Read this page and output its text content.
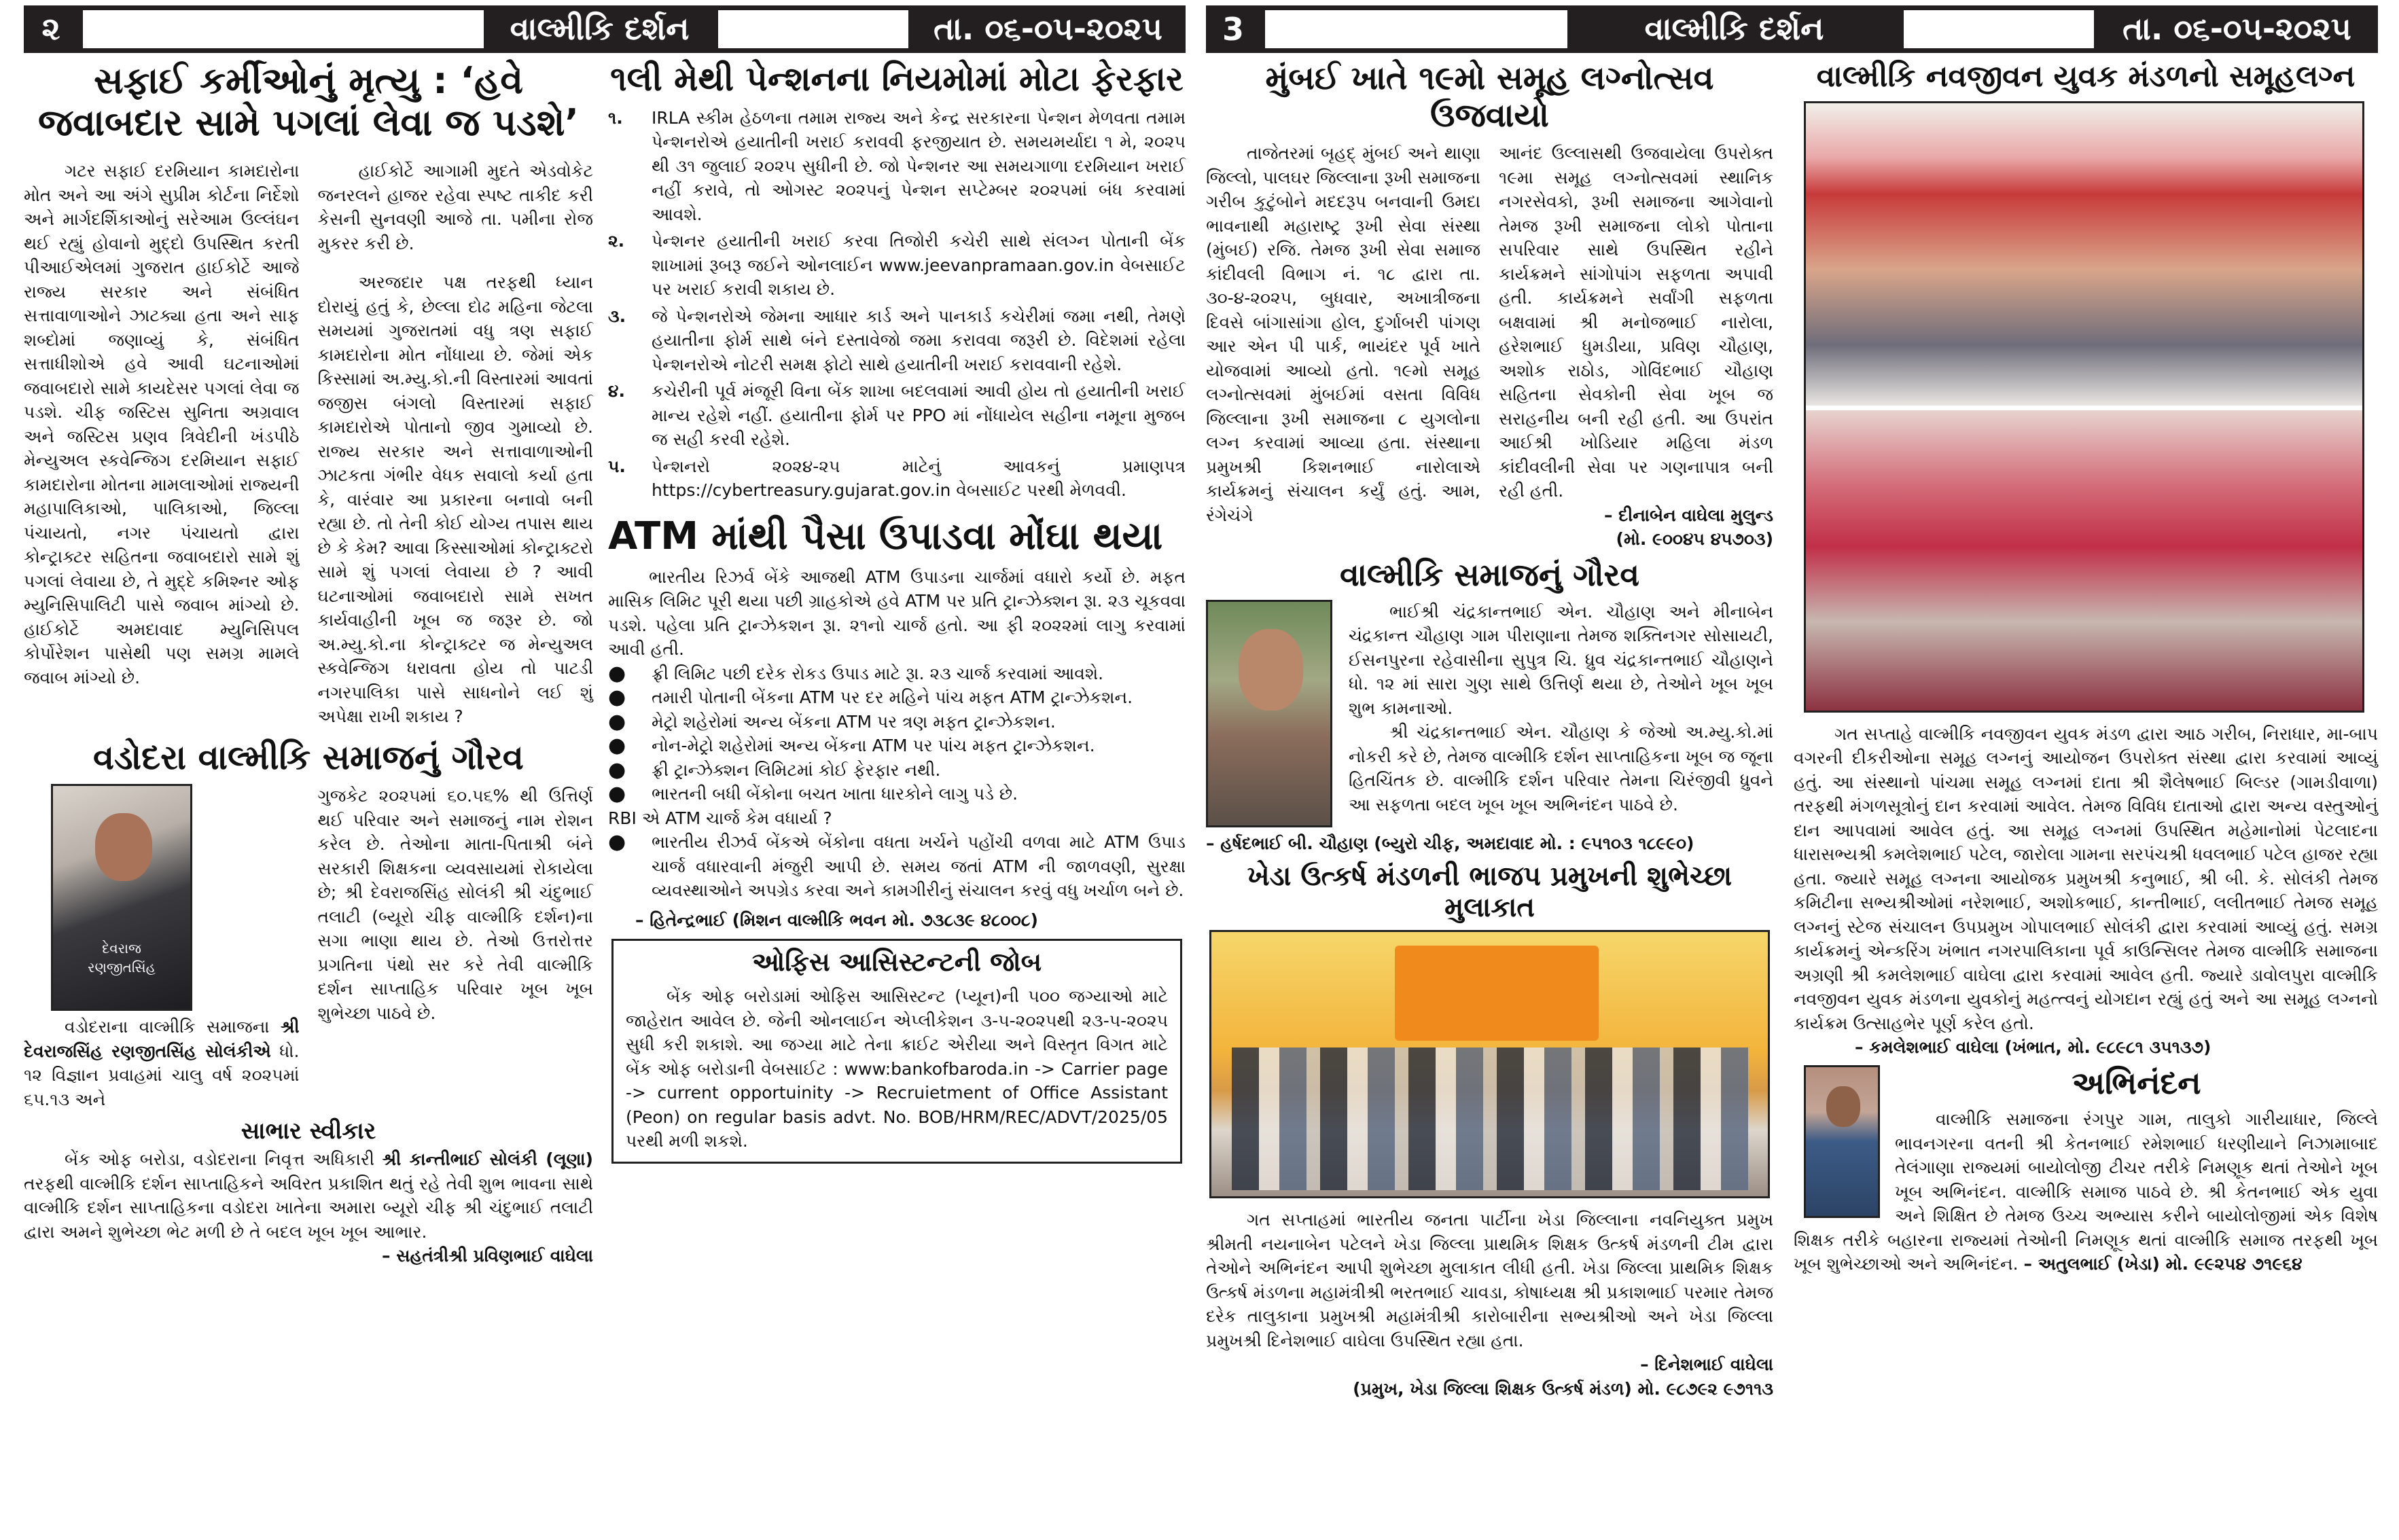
૨	વાલ્મીકિ દર્શન	તા. ૦૬-૦૫-૨૦૨૫
સફાઈ કર્મીઓનું મૃત્યુ : ‘હવે
જવાબદાર સામે પગલાં લેવા જ પડશે’

ગટર સફાઈ દરમિયાન કામદારોના મોત અને આ અંગે સુપ્રીમ કોર્ટના નિર્દેશો અને માર્ગદર્શિકાઓનું સરેઆમ ઉલ્લંઘન થઈ રહ્યું હોવાનો મુદ્દો ઉપસ્થિત કરતી પીઆઈએલમાં ગુજરાત હાઈકોર્ટે આજે રાજ્ય સરકાર અને સંબંધિત સત્તાવાળાઓને ઝાટક્યા હતા અને સાફ શબ્દોમાં જણાવ્યું કે, સંબંધિત સત્તાધીશોએ હવે આવી ઘટનાઓમાં જવાબદારો સામે કાયદેસર પગલાં લેવા જ પડશે. ચીફ જસ્ટિસ સુનિતા અગ્રવાલ અને જસ્ટિસ પ્રણવ ત્રિવેદીની ખંડપીઠે મેન્યુઅલ સ્કવેન્જિગ દરમિયાન સફાઈ કામદારોના મોતના મામલાઓમાં રાજ્યની મહાપાલિકાઓ, પાલિકાઓ, જિલ્લા પંચાયતો, નગર પંચાયતો દ્વારા કોન્ટ્રાક્ટર સહિતના જવાબદારો સામે શું પગલાં લેવાયા છે, તે મુદ્દે કમિશ્નર ઓફ મ્યુનિસિપાલિટી પાસે જવાબ માંગ્યો છે. હાઈકોર્ટે અમદાવાદ મ્યુનિસિપલ કોર્પોરેશન પાસેથી પણ સમગ્ર મામલે જવાબ માંગ્યો છે.

હાઈકોર્ટે આગામી મુદતે એડવોકેટ જનરલને હાજર રહેવા સ્પષ્ટ તાકીદ કરી કેસની સુનવણી આજે તા. ૫મીના રોજ મુકરર કરી છે.

અરજદાર પક્ષ તરફથી ધ્યાન દોરાયું હતું કે, છેલ્લા દોઢ મહિના જેટલા સમયમાં ગુજરાતમાં વધુ ત્રણ સફાઈ કામદારોના મોત નોંધાયા છે. જેમાં એક કિસ્સામાં અ.મ્યુ.કો.ની વિસ્તારમાં આવતાં જજીસ બંગલો વિસ્તારમાં સફાઈ કામદારોએ પોતાનો જીવ ગુમાવ્યો છે. રાજ્ય સરકાર અને સત્તાવાળાઓની ઝાટકતા ગંભીર વેધક સવાલો કર્યા હતા કે, વારંવાર આ પ્રકારના બનાવો બની રહ્યા છે. તો તેની કોઈ યોગ્ય તપાસ થાય છે કે કેમ? આવા કિસ્સાઓમાં કોન્ટ્રાક્ટરો સામે શું પગલાં લેવાયા છે ? આવી ઘટનાઓમાં જવાબદારો સામે સખત કાર્યવાહીની ખૂબ જ જરૂર છે. જો અ.મ્યુ.કો.ના કોન્ટ્રાક્ટર જ મેન્યુઅલ સ્કવેન્જિગ ધરાવતા હોય તો પાટડી નગરપાલિકા પાસે સાધનોને લઈ શું અપેક્ષા રાખી શકાય ?

વડોદરા વાલ્મીકિ સમાજનું ગૌરવ
દેવરાજ
રણજીતસિંહ

વડોદરાના વાલ્મીકિ સમાજના શ્રી દેવરાજસિંહ રણજીતસિંહ સોલંકીએ ધો. ૧૨ વિજ્ઞાન પ્રવાહમાં ચાલુ વર્ષ ૨૦૨૫માં ૬૫.૧૩ અને

ગુજકેટ ૨૦૨૫માં ૬૦.૫૬% થી ઉત્તિર્ણ થઈ પરિવાર અને સમાજનું નામ રોશન કરેલ છે. તેઓના માતા-પિતાશ્રી બંને સરકારી શિક્ષકના વ્યવસાયમાં રોકાયેલા છે; શ્રી દેવરાજસિંહ સોલંકી શ્રી ચંદુભાઈ તલાટી (બ્યૂરો ચીફ વાલ્મીકિ દર્શન)ના સગા ભાણા થાય છે. તેઓ ઉત્તરોત્તર પ્રગતિના પંથો સર કરે તેવી વાલ્મીકિ દર્શન સાપ્તાહિક પરિવાર ખૂબ ખૂબ શુભેચ્છા પાઠવે છે.

સાભાર સ્વીકાર

બેંક ઓફ બરોડા, વડોદરાના નિવૃત્ત અધિકારી શ્રી કાન્તીભાઈ સોલંકી (લૂણા) તરફથી વાલ્મીકિ દર્શન સાપ્તાહિકને અવિરત પ્રકાશિત થતું રહે તેવી શુભ ભાવના સાથે વાલ્મીકિ દર્શન સાપ્તાહિકના વડોદરા ખાતેના અમારા બ્યૂરો ચીફ શ્રી ચંદુભાઈ તલાટી દ્વારા અમને શુભેચ્છા ભેટ મળી છે તે બદલ ખૂબ ખૂબ આભાર.

– સહતંત્રીશ્રી પ્રવિણભાઈ વાઘેલા
૧લી મેથી પેન્શનના નિયમોમાં મોટા ફેરફાર
૧.	IRLA સ્કીમ હેઠળના તમામ રાજ્ય અને કેન્દ્ર સરકારના પેન્શન મેળવતા તમામ પેન્શનરોએ હયાતીની ખરાઈ કરાવવી ફરજીયાત છે. સમયમર્યાદા ૧ મે, ૨૦૨૫ થી ૩૧ જુલાઈ ૨૦૨૫ સુધીની છે. જો પેન્શનર આ સમયગાળા દરમિયાન ખરાઈ નહીં કરાવે, તો ઓગસ્ટ ૨૦૨૫નું પેન્શન સપ્ટેમ્બર ૨૦૨૫માં બંધ કરવામાં આવશે.
૨.	પેન્શનર હયાતીની ખરાઈ કરવા તિજોરી કચેરી સાથે સંલગ્ન પોતાની બેંક શાખામાં રૂબરૂ જઈને ઓનલાઈન www.jeevanpramaan.gov.in વેબસાઈટ પર ખરાઈ કરાવી શકાય છે.
૩.	જે પેન્શનરોએ જેમના આધાર કાર્ડ અને પાનકાર્ડ કચેરીમાં જમા નથી, તેમણે હયાતીના ફોર્મ સાથે બંને દસ્તાવેજો જમા કરાવવા જરૂરી છે. વિદેશમાં રહેલા પેન્શનરોએ નોટરી સમક્ષ ફોટો સાથે હયાતીની ખરાઈ કરાવવાની રહેશે.
૪.	કચેરીની પૂર્વ મંજૂરી વિના બેંક શાખા બદલવામાં આવી હોય તો હયાતીની ખરાઈ માન્ય રહેશે નહીં. હયાતીના ફોર્મ પર PPO માં નોંધાયેલ સહીના નમૂના મુજબ જ સહી કરવી રહેશે.
૫.	પેન્શનરો ૨૦૨૪-૨૫ માટેનું આવકનું પ્રમાણપત્ર https://cybertreasury.gujarat.gov.in વેબસાઈટ પરથી મેળવવી.
ATM માંથી પૈસા ઉપાડવા મોંઘા થયા

ભારતીય રિઝર્વ બેંકે આજથી ATM ઉપાડના ચાર્જમાં વધારો કર્યો છે. મફત માસિક લિમિટ પૂરી થયા પછી ગ્રાહકોએ હવે ATM પર પ્રતિ ટ્રાન્ઝેક્શન રૂા. ૨૩ ચૂકવવા પડશે. પહેલા પ્રતિ ટ્રાન્ઝેકશન રૂા. ૨૧નો ચાર્જ હતો. આ ફી ૨૦૨૨માં લાગુ કરવામાં આવી હતી.

●	ફ્રી લિમિટ પછી દરેક રોકડ ઉપાડ માટે રૂા. ૨૩ ચાર્જ કરવામાં આવશે.
●	તમારી પોતાની બેંકના ATM પર દર મહિને પાંચ મફત ATM ટ્રાન્ઝેકશન.
●	મેટ્રો શહેરોમાં અન્ય બેંકના ATM પર ત્રણ મફત ટ્રાન્ઝેકશન.
●	નોન-મેટ્રો શહેરોમાં અન્ય બેંકના ATM પર પાંચ મફત ટ્રાન્ઝેકશન.
●	ફ્રી ટ્રાન્ઝેક્શન લિમિટમાં કોઈ ફેરફાર નથી.
●	ભારતની બધી બેંકોના બચત ખાતા ધારકોને લાગુ પડે છે.

RBI એ ATM ચાર્જ કેમ વધાર્યા ?

●	ભારતીય રીઝર્વ બેંકએ બેંકોના વધતા ખર્ચને પહોંચી વળવા માટે ATM ઉપાડ ચાર્જ વધારવાની મંજુરી આપી છે. સમય જતાં ATM ની જાળવણી, સુરક્ષા વ્યવસ્થાઓને અપગ્રેડ કરવા અને કામગીરીનું સંચાલન કરવું વધુ ખર્ચાળ બને છે.
– હિતેન્દ્રભાઈ (મિશન વાલ્મીકિ ભવન મો. ૭૩૮૩૯ ૪૮૦૦૮)
ઓફિસ આસિસ્ટન્ટની જોબ

બેંક ઓફ બરોડામાં ઓફિસ આસિસ્ટન્ટ (પ્યૂન)ની ૫૦૦ જગ્યાઓ માટે જાહેરાત આવેલ છે. જેની ઓનલાઈન એપ્લીકેશન ૩-૫-૨૦૨૫થી ૨૩-૫-૨૦૨૫ સુધી કરી શકાશે. આ જગ્યા માટે તેના ક્રાઈટ એરીયા અને વિસ્તૃત વિગત માટે બેંક ઓફ બરોડાની વેબસાઈટ : www:bankofbaroda.in -> Carrier page -> current opportuinity -> Recruietment of Office Assistant (Peon) on regular basis advt. No. BOB/HRM/REC/ADVT/2025/05 પરથી મળી શકશે.

3	વાલ્મીકિ દર્શન	તા. ૦૬-૦૫-૨૦૨૫
મુંબઈ ખાતે ૧૯મો સમૂહ લગ્નોત્સવ ઉજવાયો

તાજેતરમાં બૃહદ્ મુંબઈ અને થાણા જિલ્લો, પાલઘર જિલ્લાના રૂખી સમાજના ગરીબ કુટુંબોને મદદરૂપ બનવાની ઉમદા ભાવનાથી મહારાષ્ટ્ર રૂખી સેવા સંસ્થા (મુંબઈ) રજિ. તેમજ રૂખી સેવા સમાજ કાંદીવલી વિભાગ નં. ૧૮ દ્વારા તા. ૩૦-૪-૨૦૨૫, બુધવાર, અખાત્રીજના દિવસે બાંગાસાંગા હોલ, દુર્ગાબરી પાંગણ આર એન પી પાર્ક, ભાયંદર પૂર્વ ખાતે યોજવામાં આવ્યો હતો. ૧૯મો સમૂહ લગ્નોત્સવમાં મુંબઈમાં વસતા વિવિધ જિલ્લાના રૂખી સમાજના ૮ યુગલોના લગ્ન કરવામાં આવ્યા હતા. સંસ્થાના પ્રમુખશ્રી કિશનભાઈ નારોલાએ કાર્યક્રમનું સંચાલન કર્યું હતું. આમ, રંગેચંગે

આનંદ ઉલ્લાસથી ઉજવાયેલા ઉપરોક્ત ૧૯મા સમૂહ લગ્નોત્સવમાં સ્થાનિક નગરસેવકો, રૂખી સમાજના આગેવાનો તેમજ રૂખી સમાજના લોકો પોતાના સપરિવાર સાથે ઉપસ્થિત રહીને કાર્યક્રમને સાંગોપાંગ સફળતા અપાવી હતી. કાર્યક્રમને સર્વાંગી સફળતા બક્ષવામાં શ્રી મનોજભાઈ નારોલા, હરેશભાઈ ધુમડીયા, પ્રવિણ ચૌહાણ, અશોક રાઠોડ, ગોવિંદભાઈ ચૌહાણ સહિતના સેવકોની સેવા ખૂબ જ સરાહનીય બની રહી હતી. આ ઉપરાંત આઈશ્રી ખોડિયાર મહિલા મંડળ કાંદીવલીની સેવા પર ગણનાપાત્ર બની રહી હતી.

– દીનાબેન વાઘેલા મુલુન્ડ
(મો. ૯૦૦૪૫ ૪૫૭૦૩)
વાલ્મીકિ સમાજનું ગૌરવ

ભાઈશ્રી ચંદ્રકાન્તભાઈ એન. ચૌહાણ અને મીનાબેન ચંદ્રકાન્ત ચૌહાણ ગામ પીરાણાના તેમજ શક્તિનગર સોસાયટી, ઈસનપુરના રહેવાસીના સુપુત્ર ચિ. ધ્રુવ ચંદ્રકાન્તભાઈ ચૌહાણને ધો. ૧૨ માં સારા ગુણ સાથે ઉત્તિર્ણ થયા છે, તેઓને ખૂબ ખૂબ શુભ કામનાઓ.

શ્રી ચંદ્રકાન્તભાઈ એન. ચૌહાણ કે જેઓ અ.મ્યુ.કો.માં નોકરી કરે છે, તેમજ વાલ્મીકિ દર્શન સાપ્તાહિકના ખૂબ જ જૂના હિતચિંતક છે. વાલ્મીકિ દર્શન પરિવાર તેમના ચિરંજીવી ધ્રુવને આ સફળતા બદલ ખૂબ ખૂબ અભિનંદન પાઠવે છે.

– હર્ષદભાઈ બી. ચૌહાણ (બ્યુરો ચીફ, અમદાવાદ મો. : ૯૫૧૦૩ ૧૮૯૯૦)
ખેડા ઉત્કર્ષ મંડળની ભાજપ પ્રમુખની શુભેચ્છા મુલાકાત

ગત સપ્તાહમાં ભારતીય જનતા પાર્ટીના ખેડા જિલ્લાના નવનિયુક્ત પ્રમુખ શ્રીમતી નયનાબેન પટેલને ખેડા જિલ્લા પ્રાથમિક શિક્ષક ઉત્કર્ષ મંડળની ટીમ દ્વારા તેઓને અભિનંદન આપી શુભેચ્છા મુલાકાત લીધી હતી. ખેડા જિલ્લા પ્રાથમિક શિક્ષક ઉત્કર્ષ મંડળના મહામંત્રીશ્રી ભરતભાઈ ચાવડા, કોષાધ્યક્ષ શ્રી પ્રકાશભાઈ પરમાર તેમજ દરેક તાલુકાના પ્રમુખશ્રી મહામંત્રીશ્રી કારોબારીના સભ્યશ્રીઓ અને ખેડા જિલ્લા પ્રમુખશ્રી દિનેશભાઈ વાઘેલા ઉપસ્થિત રહ્યા હતા.

– દિનેશભાઈ વાઘેલા
(પ્રમુખ, ખેડા જિલ્લા શિક્ષક ઉત્કર્ષ મંડળ) મો. ૯૮૭૯૨ ૯૭૧૧૩
વાલ્મીકિ નવજીવન યુવક મંડળનો સમૂહલગ્ન

ગત સપ્તાહે વાલ્મીકિ નવજીવન યુવક મંડળ દ્વારા આઠ ગરીબ, નિરાધાર, મા-બાપ વગરની દીકરીઓના સમૂહ લગ્નનું આયોજન ઉપરોક્ત સંસ્થા દ્વારા કરવામાં આવ્યું હતું. આ સંસ્થાનો પાંચમા સમૂહ લગ્નમાં દાતા શ્રી શૈલેષભાઈ બિલ્ડર (ગામડીવાળા) તરફથી મંગળસૂત્રોનું દાન કરવામાં આવેલ. તેમજ વિવિધ દાતાઓ દ્વારા અન્ય વસ્તુઓનું દાન આપવામાં આવેલ હતું. આ સમૂહ લગ્નમાં ઉપસ્થિત મહેમાનોમાં પેટલાદના ધારાસભ્યશ્રી કમલેશભાઈ પટેલ, જારોલા ગામના સરપંચશ્રી ધવલભાઈ પટેલ હાજર રહ્યા હતા. જ્યારે સમૂહ લગ્નના આયોજક પ્રમુખશ્રી કનુભાઈ, શ્રી બી. કે. સોલંકી તેમજ કમિટીના સભ્યશ્રીઓમાં નરેશભાઈ, અશોકભાઈ, કાન્તીભાઈ, લલીતભાઈ તેમજ સમૂહ લગ્નનું સ્ટેજ સંચાલન ઉપપ્રમુખ ગોપાલભાઈ સોલંકી દ્વારા કરવામાં આવ્યું હતું. સમગ્ર કાર્યક્રમનું એન્કરિંગ ખંભાત નગરપાલિકાના પૂર્વ કાઉન્સિલર તેમજ વાલ્મીકિ સમાજના અગ્રણી શ્રી કમલેશભાઈ વાઘેલા દ્વારા કરવામાં આવેલ હતી. જ્યારે ડાવોલપુરા વાલ્મીકિ નવજીવન યુવક મંડળના યુવકોનું મહત્ત્વનું યોગદાન રહ્યું હતું અને આ સમૂહ લગ્નનો કાર્યક્રમ ઉત્સાહભેર પૂર્ણ કરેલ હતો.

– કમલેશભાઈ વાઘેલા (ખંભાત, મો. ૯૮૯૮૧ ૩૫૧૩૭)
અભિનંદન

વાલ્મીકિ સમાજના રંગપુર ગામ, તાલુકો ગારીયાધાર, જિલ્લે ભાવનગરના વતની શ્રી કેતનભાઈ રમેશભાઈ ધરણીયાને નિઝામાબાદ તેલંગાણા રાજ્યમાં બાયોલોજી ટીચર તરીકે નિમણૂક થતાં તેઓને ખૂબ ખૂબ અભિનંદન. વાલ્મીકિ સમાજ પાઠવે છે. શ્રી કેતનભાઈ એક યુવા અને શિક્ષિત છે તેમજ ઉચ્ચ અભ્યાસ કરીને બાયોલોજીમાં એક વિશેષ શિક્ષક તરીકે બહારના રાજ્યમાં તેઓની નિમણૂક થતાં વાલ્મીકિ સમાજ તરફથી ખૂબ ખૂબ શુભેચ્છાઓ અને અભિનંદન. – અતુલભાઈ (ખેડા) મો. ૯૯૨૫૪ ૭૧૯૬૪
